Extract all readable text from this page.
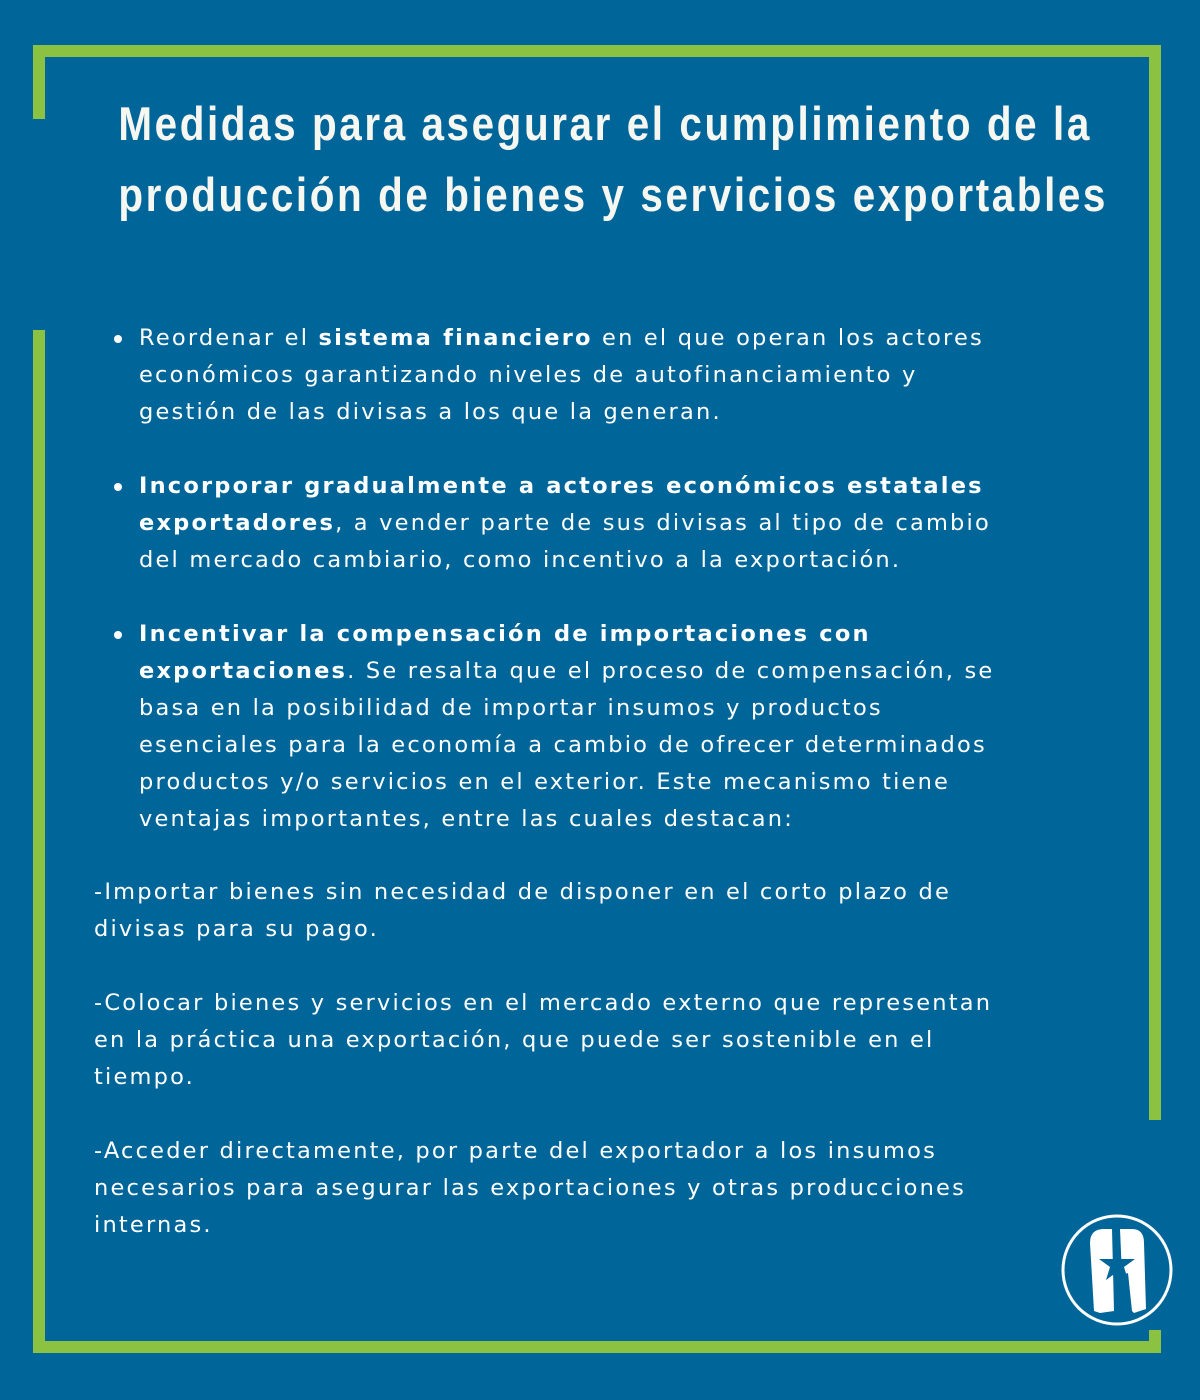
Medidas para asegurar el cumplimiento de la
producción de bienes y servicios exportables
Reordenar el sistema financiero en el que operan los actores
económicos garantizando niveles de autofinanciamiento y
gestión de las divisas a los que la generan.
Incorporar gradualmente a actores económicos estatales
exportadores, a vender parte de sus divisas al tipo de cambio
del mercado cambiario, como incentivo a la exportación.
Incentivar la compensación de importaciones con
exportaciones. Se resalta que el proceso de compensación, se
basa en la posibilidad de importar insumos y productos
esenciales para la economía a cambio de ofrecer determinados
productos y/o servicios en el exterior. Este mecanismo tiene
ventajas importantes, entre las cuales destacan:
-Importar bienes sin necesidad de disponer en el corto plazo de
divisas para su pago.
-Colocar bienes y servicios en el mercado externo que representan
en la práctica una exportación, que puede ser sostenible en el
tiempo.
-Acceder directamente, por parte del exportador a los insumos
necesarios para asegurar las exportaciones y otras producciones
internas.
